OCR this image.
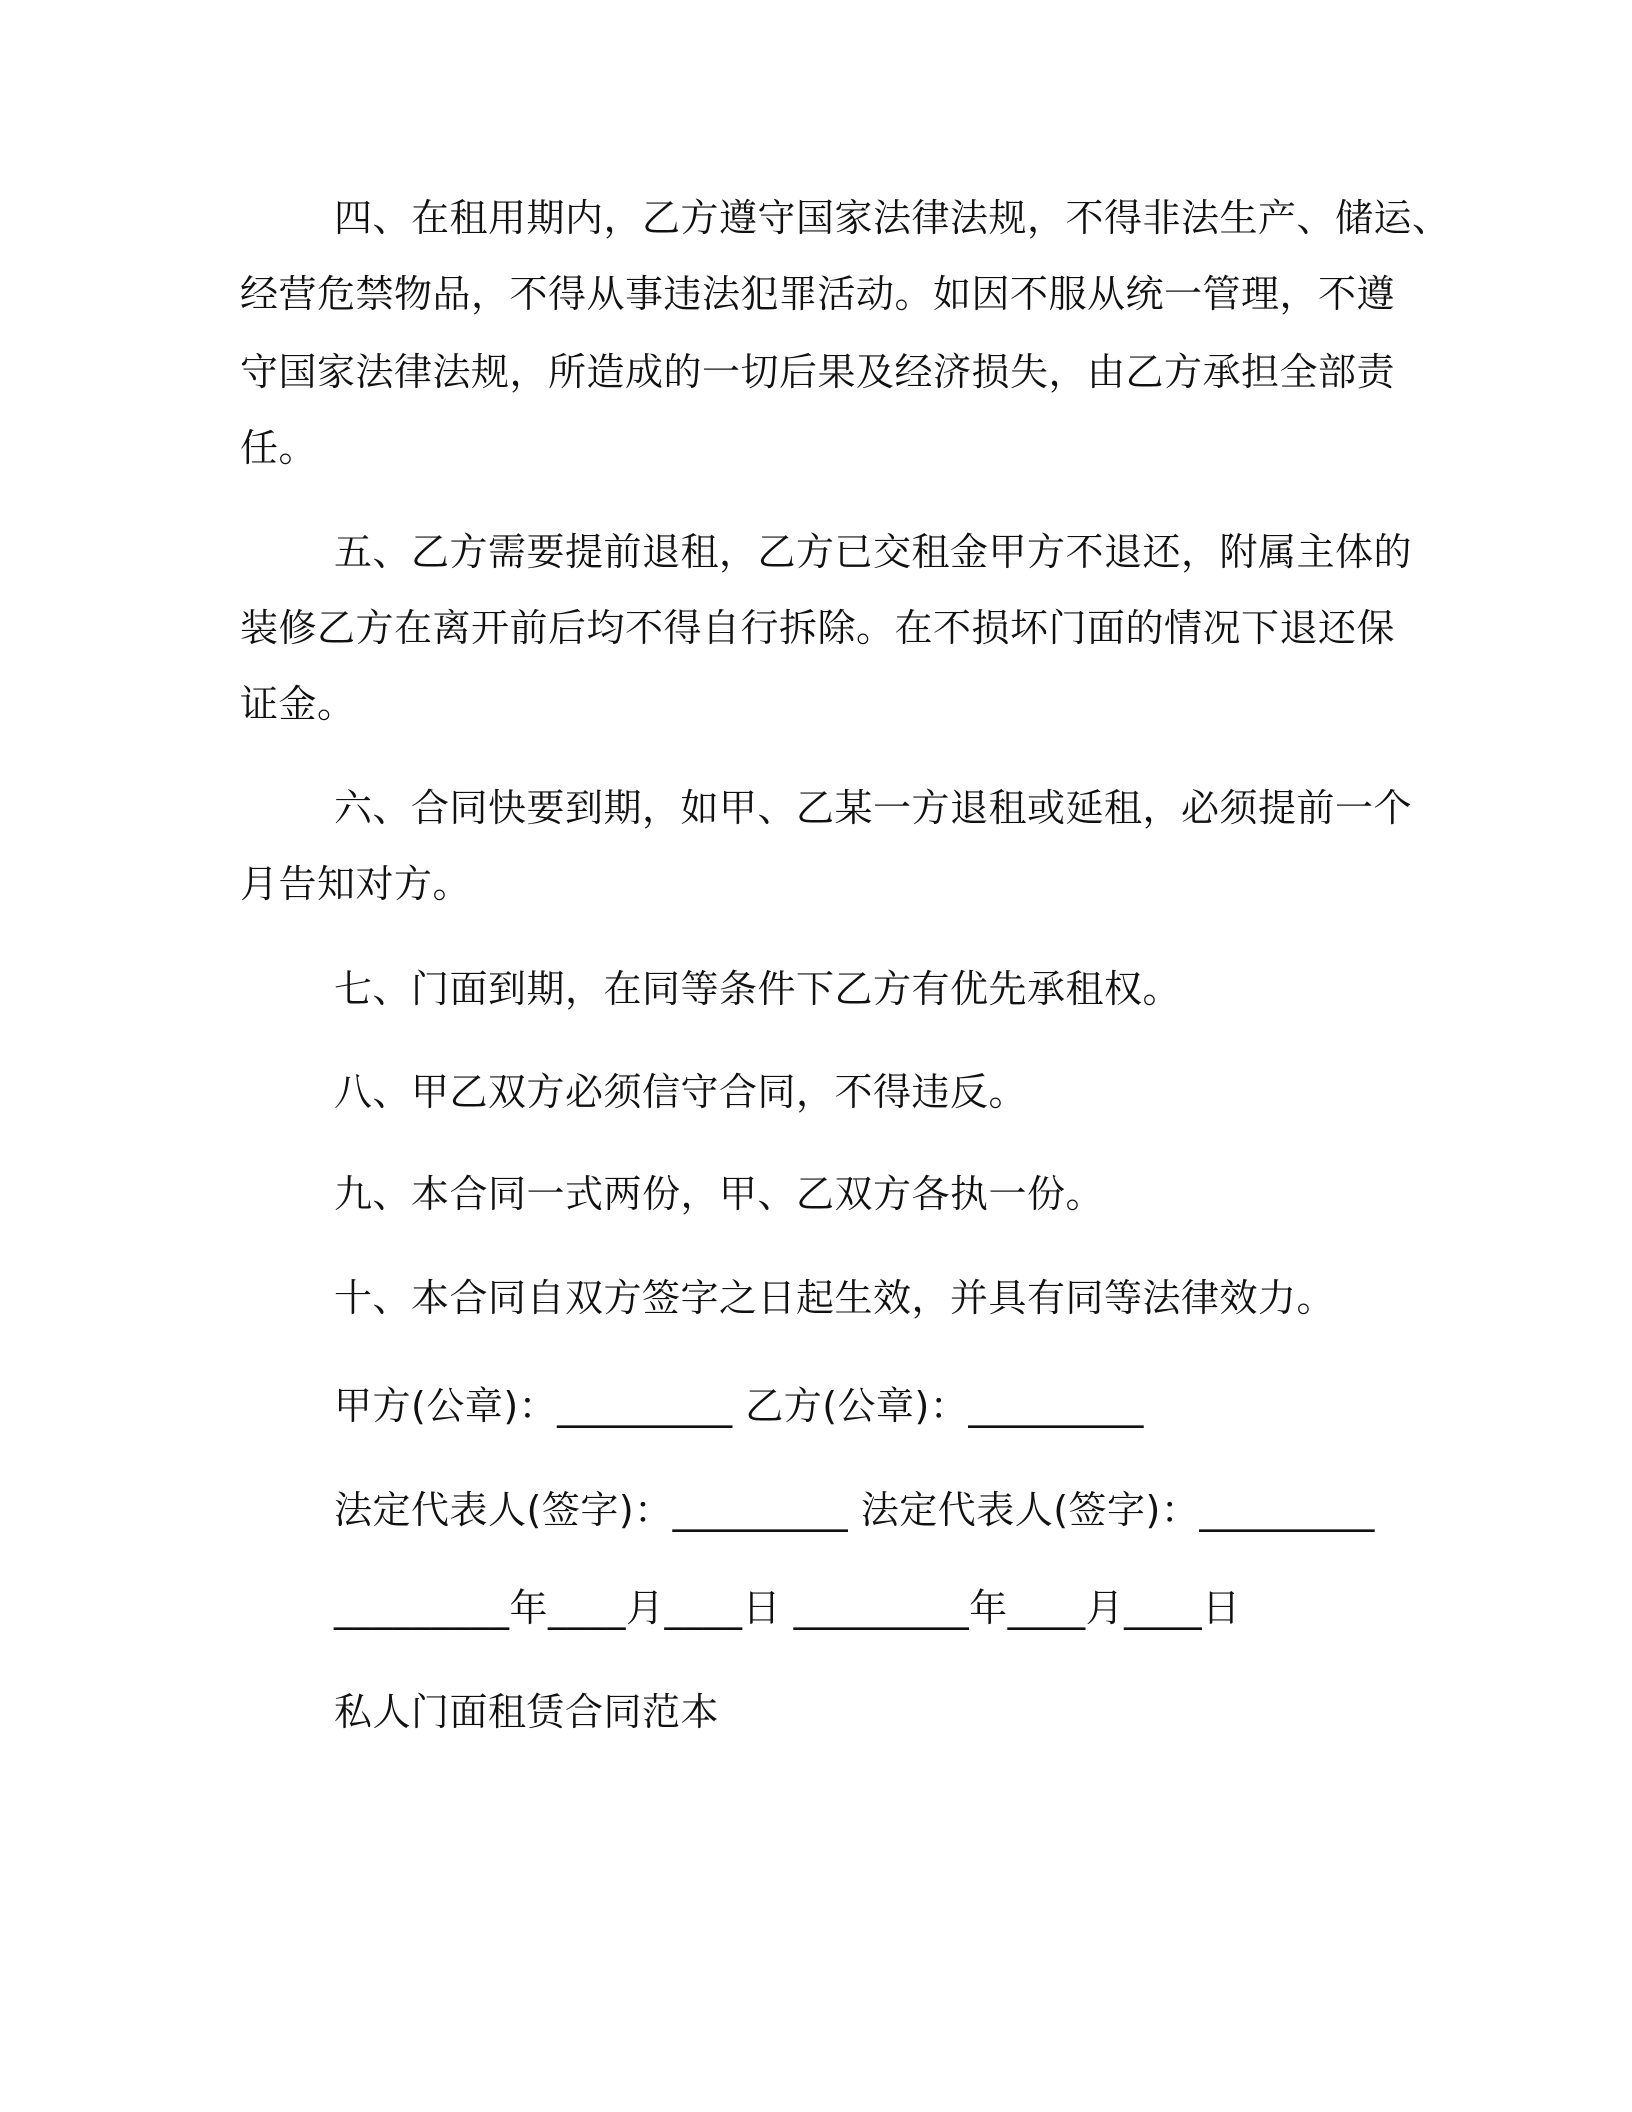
四、在租用期内，乙方遵守国家法律法规，不得非法生产、储运、
经营危禁物品，不得从事违法犯罪活动。如因不服从统一管理，不遵
守国家法律法规，所造成的一切后果及经济损失，由乙方承担全部责
任。
五、乙方需要提前退租，乙方已交租金甲方不退还，附属主体的
装修乙方在离开前后均不得自行拆除。在不损坏门面的情况下退还保
证金。
六、合同快要到期，如甲、乙某一方退租或延租，必须提前一个
月告知对方。
七、门面到期，在同等条件下乙方有优先承租权。
八、甲乙双方必须信守合同，不得违反。
九、本合同一式两份，甲、乙双方各执一份。
十、本合同自双方签字之日起生效，并具有同等法律效力。
甲方(公章)：_________ 乙方(公章)：_________
法定代表人(签字)：_________ 法定代表人(签字)：_________
_________年____月____日 _________年____月____日
私人门面租赁合同范本
